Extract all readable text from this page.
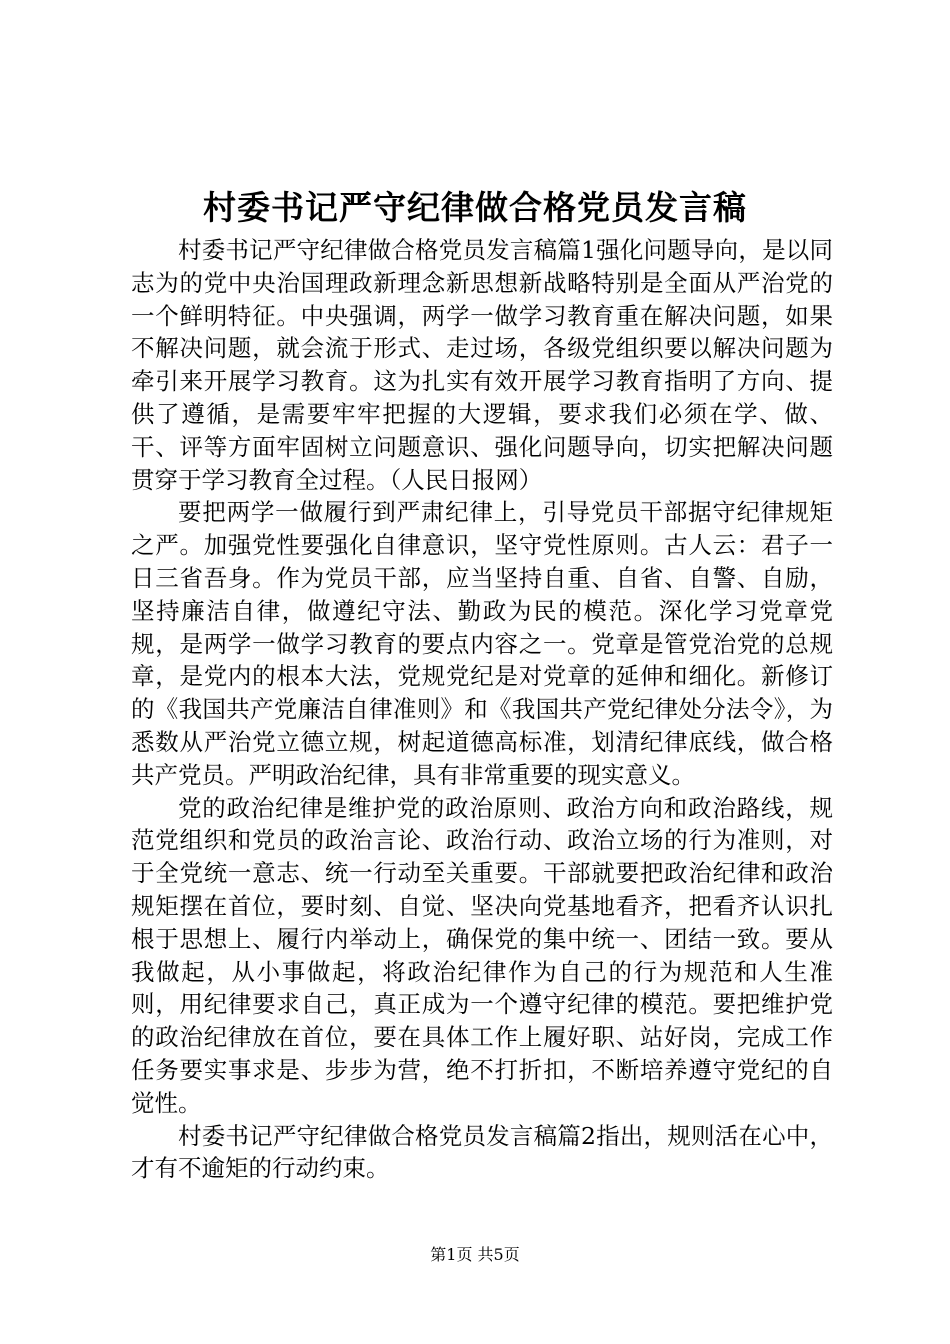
村委书记严守纪律做合格党员发言稿

村委书记严守纪律做合格党员发言稿篇1强化问题导向，是以同志为的党中央治国理政新理念新思想新战略特别是全面从严治党的一个鲜明特征。中央强调，两学一做学习教育重在解决问题，如果不解决问题，就会流于形式、走过场，各级党组织要以解决问题为牵引来开展学习教育。这为扎实有效开展学习教育指明了方向、提供了遵循，是需要牢牢把握的大逻辑，要求我们必须在学、做、干、评等方面牢固树立问题意识、强化问题导向，切实把解决问题贯穿于学习教育全过程。（人民日报网）

要把两学一做履行到严肃纪律上，引导党员干部据守纪律规矩之严。加强党性要强化自律意识，坚守党性原则。古人云：君子一日三省吾身。作为党员干部，应当坚持自重、自省、自警、自励，坚持廉洁自律，做遵纪守法、勤政为民的模范。深化学习党章党规，是两学一做学习教育的要点内容之一。党章是管党治党的总规章，是党内的根本大法，党规党纪是对党章的延伸和细化。新修订的《我国共产党廉洁自律准则》和《我国共产党纪律处分法令》，为悉数从严治党立德立规，树起道德高标准，划清纪律底线，做合格共产党员。严明政治纪律，具有非常重要的现实意义。

党的政治纪律是维护党的政治原则、政治方向和政治路线，规范党组织和党员的政治言论、政治行动、政治立场的行为准则，对于全党统一意志、统一行动至关重要。干部就要把政治纪律和政治规矩摆在首位，要时刻、自觉、坚决向党基地看齐，把看齐认识扎根于思想上、履行内举动上，确保党的集中统一、团结一致。要从我做起，从小事做起，将政治纪律作为自己的行为规范和人生准则，用纪律要求自己，真正成为一个遵守纪律的模范。要把维护党的政治纪律放在首位，要在具体工作上履好职、站好岗，完成工作任务要实事求是、步步为营，绝不打折扣，不断培养遵守党纪的自觉性。

村委书记严守纪律做合格党员发言稿篇2指出，规则活在心中，才有不逾矩的行动约束。

第1页 共5页
